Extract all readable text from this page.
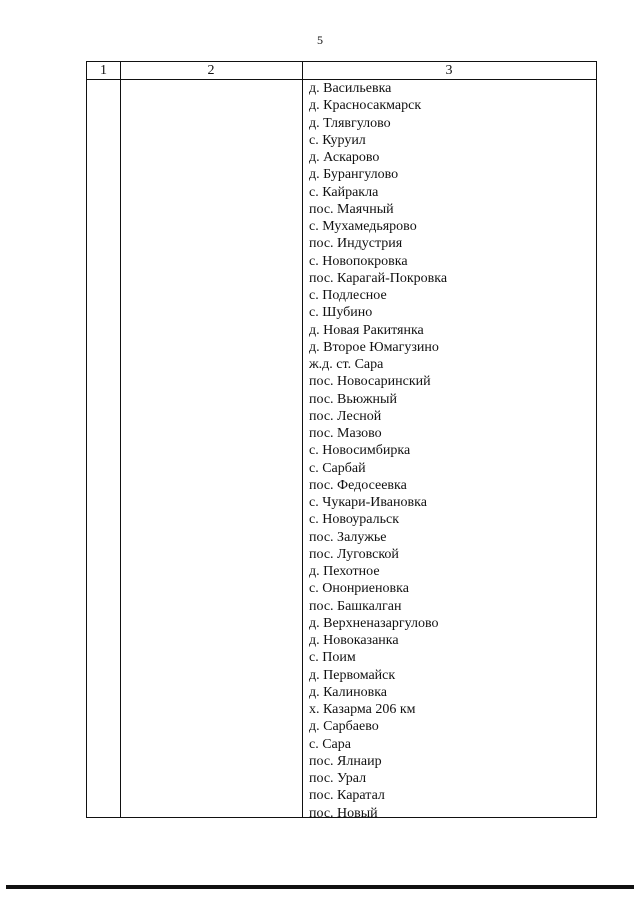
5
1	2	3
д. Васильевка
д. Красносакмарск
д. Тлявгулово
с. Куруил
д. Аскарово
д. Бурангулово
с. Кайракла
пос. Маячный
с. Мухамедьярово
пос. Индустрия
с. Новопокровка
пос. Карагай-Покровка
с. Подлесное
с. Шубино
д. Новая Ракитянка
д. Второе Юмагузино
ж.д. ст. Сара
пос. Новосаринский
пос. Вьюжный
пос. Лесной
пос. Мазово
с. Новосимбирка
с. Сарбай
пос. Федосеевка
с. Чукари-Ивановка
с. Новоуральск
пос. Залужье
пос. Луговской
д. Пехотное
с. Ононриеновка
пос. Башкалган
д. Верхненазаргулово
д. Новоказанка
с. Поим
д. Первомайск
д. Калиновка
х. Казарма 206 км
д. Сарбаево
с. Сара
пос. Ялнаир
пос. Урал
пос. Каратал
пос. Новый
